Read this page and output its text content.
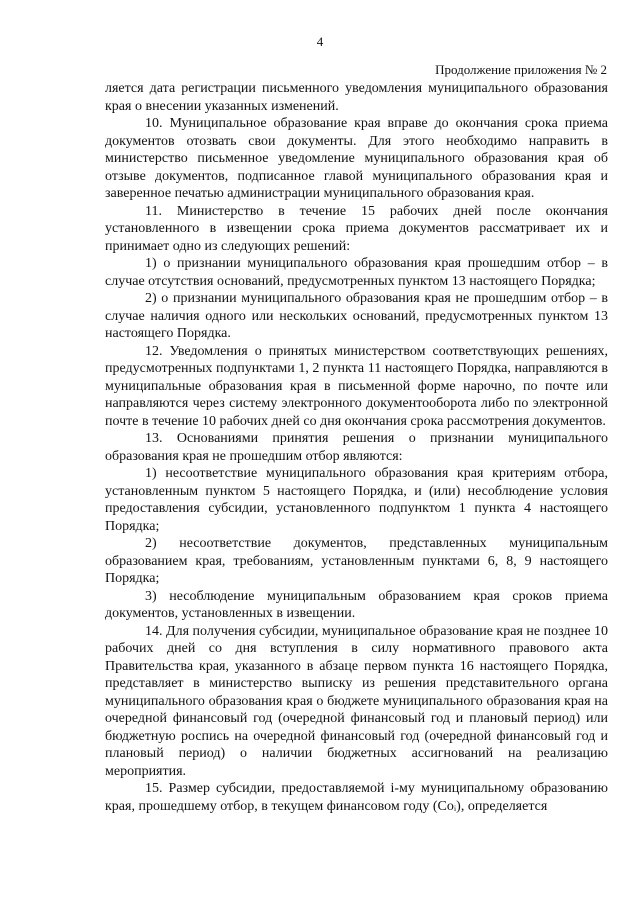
4
Продолжение приложения № 2

ляется дата регистрации письменного уведомления муниципального образования края о внесении указанных изменений.

10. Муниципальное образование края вправе до окончания срока приема документов отозвать свои документы. Для этого необходимо направить в министерство письменное уведомление муниципального образования края об отзыве документов, подписанное главой муниципального образования края и заверенное печатью администрации муниципального образования края.

11. Министерство в течение 15 рабочих дней после окончания установленного в извещении срока приема документов рассматривает их и принимает одно из следующих решений:

1) о признании муниципального образования края прошедшим отбор – в случае отсутствия оснований, предусмотренных пунктом 13 настоящего Порядка;

2) о признании муниципального образования края не прошедшим отбор – в случае наличия одного или нескольких оснований, предусмотренных пунктом 13 настоящего Порядка.

12. Уведомления о принятых министерством соответствующих решениях, предусмотренных подпунктами 1, 2 пункта 11 настоящего Порядка, направляются в муниципальные образования края в письменной форме нарочно, по почте или направляются через систему электронного документооборота либо по электронной почте в течение 10 рабочих дней со дня окончания срока рассмотрения документов.

13. Основаниями принятия решения о признании муниципального образования края не прошедшим отбор являются:

1) несоответствие муниципального образования края критериям отбора, установленным пунктом 5 настоящего Порядка, и (или) несоблюдение условия предоставления субсидии, установленного подпунктом 1 пункта 4 настоящего Порядка;

2) несоответствие документов, представленных муниципальным образованием края, требованиям, установленным пунктами 6, 8, 9 настоящего Порядка;

3) несоблюдение муниципальным образованием края сроков приема документов, установленных в извещении.

14. Для получения субсидии, муниципальное образование края не позднее 10 рабочих дней со дня вступления в силу нормативного правового акта Правительства края, указанного в абзаце первом пункта 16 настоящего Порядка, представляет в министерство выписку из решения представительного органа муниципального образования края о бюджете муниципального образования края на очередной финансовый год (очередной финансовый год и плановый период) или бюджетную роспись на очередной финансовый год (очередной финансовый год и плановый период) о наличии бюджетных ассигнований на реализацию мероприятия.

15. Размер субсидии, предоставляемой i-му муниципальному образованию края, прошедшему отбор, в текущем финансовом году (Coᵢ), определяется
